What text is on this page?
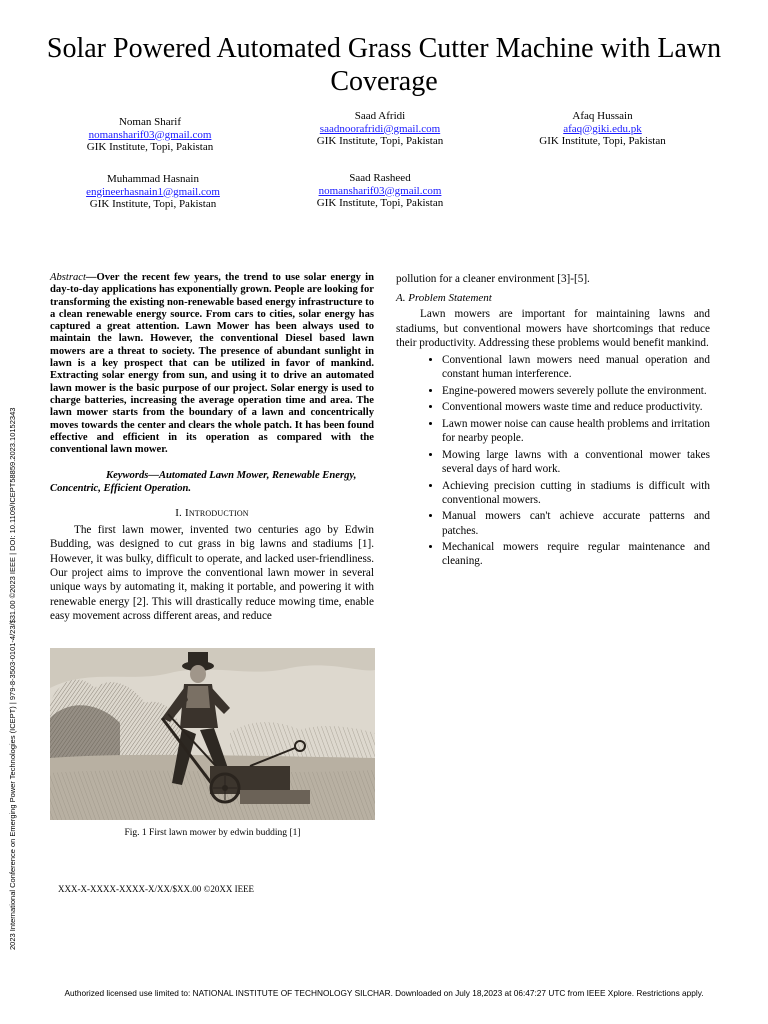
Solar Powered Automated Grass Cutter Machine with Lawn Coverage
Noman Sharif
nomansharif03@gmail.com
GIK Institute, Topi, Pakistan
Saad Afridi
saadnoorafridi@gmail.com
GIK Institute, Topi, Pakistan
Afaq Hussain
afaq@giki.edu.pk
GIK Institute, Topi, Pakistan
Muhammad Hasnain
engineerhasnain1@gmail.com
GIK Institute, Topi, Pakistan
Saad Rasheed
nomansharif03@gmail.com
GIK Institute, Topi, Pakistan
2023 International Conference on Emerging Power Technologies (ICEPT) | 979-8-3503-0101-4/23/$31.00 ©2023 IEEE | DOI: 10.1109/ICEPT58859.2023.10152343

Abstract—Over the recent few years, the trend to use solar energy in day-to-day applications has exponentially grown. People are looking for transforming the existing non-renewable based energy infrastructure to a clean renewable energy source. From cars to cities, solar energy has captured a great attention. Lawn Mower has been always used to maintain the lawn. However, the conventional Diesel based lawn mowers are a threat to society. The presence of abundant sunlight in lawn is a key prospect that can be utilized in favor of mankind. Extracting solar energy from sun, and using it to drive an automated lawn mower is the basic purpose of our project. Solar energy is used to charge batteries, increasing the average operation time and area. The lawn mower starts from the boundary of a lawn and concentrically moves towards the center and clears the whole patch. It has been found effective and efficient in its operation as compared with the conventional lawn mower.

Keywords—Automated Lawn Mower, Renewable Energy, Concentric, Efficient Operation.

I. Introduction

The first lawn mower, invented two centuries ago by Edwin Budding, was designed to cut grass in big lawns and stadiums [1]. However, it was bulky, difficult to operate, and lacked user-friendliness. Our project aims to improve the conventional lawn mower in several unique ways by automating it, making it portable, and powering it with renewable energy [2]. This will drastically reduce mowing time, enable easy movement across different areas, and reduce

Fig. 1 First lawn mower by edwin budding [1]
XXX-X-XXXX-XXXX-X/XX/$XX.00 ©20XX IEEE

pollution for a cleaner environment [3]-[5].

A. Problem Statement

Lawn mowers are important for maintaining lawns and stadiums, but conventional mowers have shortcomings that reduce their productivity. Addressing these problems would benefit mankind.

• Conventional lawn mowers need manual operation and constant human interference.
• Engine-powered mowers severely pollute the environment.
• Conventional mowers waste time and reduce productivity.
• Lawn mower noise can cause health problems and irritation for nearby people.
• Mowing large lawns with a conventional mower takes several days of hard work.
• Achieving precision cutting in stadiums is difficult with conventional mowers.
• Manual mowers can't achieve accurate patterns and patches.
• Mechanical mowers require regular maintenance and cleaning.
Authorized licensed use limited to: NATIONAL INSTITUTE OF TECHNOLOGY SILCHAR. Downloaded on July 18,2023 at 06:47:27 UTC from IEEE Xplore. Restrictions apply.
